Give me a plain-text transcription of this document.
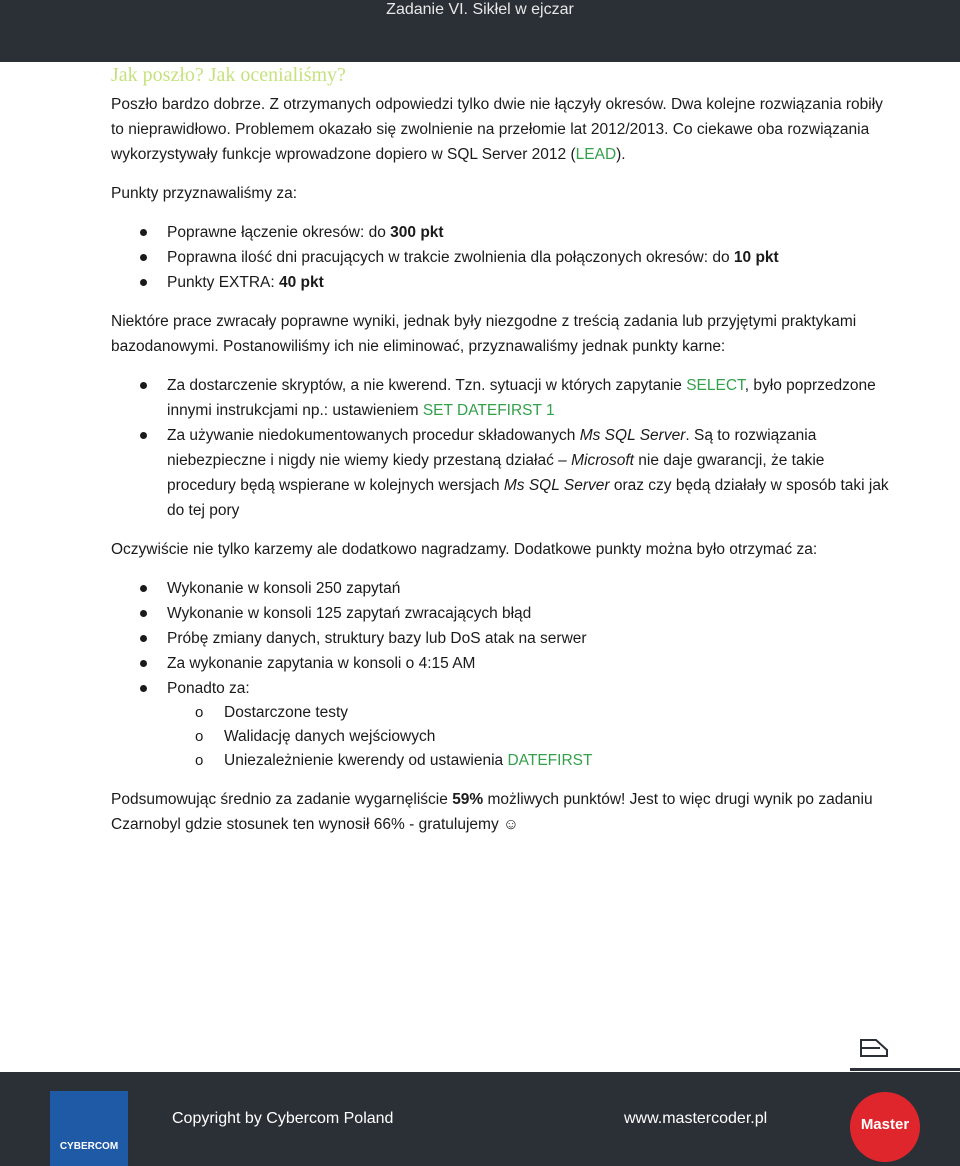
Zadanie VI. Sikłel w ejczar
Jak poszło? Jak ocenialiśmy?

Poszło bardzo dobrze. Z otrzymanych odpowiedzi tylko dwie nie łączyły okresów. Dwa kolejne rozwiązania robiły to nieprawidłowo. Problemem okazało się zwolnienie na przełomie lat 2012/2013. Co ciekawe oba rozwiązania wykorzystywały funkcje wprowadzone dopiero w SQL Server 2012 (LEAD).

Punkty przyznawaliśmy za:

Poprawne łączenie okresów: do 300 pkt
Poprawna ilość dni pracujących w trakcie zwolnienia dla połączonych okresów: do 10 pkt
Punkty EXTRA: 40 pkt

Niektóre prace zwracały poprawne wyniki, jednak były niezgodne z treścią zadania lub przyjętymi praktykami bazodanowymi. Postanowiliśmy ich nie eliminować, przyznawaliśmy jednak punkty karne:

Za dostarczenie skryptów, a nie kwerend. Tzn. sytuacji w których zapytanie SELECT, było poprzedzone innymi instrukcjami np.: ustawieniem SET DATEFIRST 1
Za używanie niedokumentowanych procedur składowanych Ms SQL Server. Są to rozwiązania niebezpieczne i nigdy nie wiemy kiedy przestaną działać – Microsoft nie daje gwarancji, że takie procedury będą wspierane w kolejnych wersjach Ms SQL Server oraz czy będą działały w sposób taki jak do tej pory

Oczywiście nie tylko karzemy ale dodatkowo nagradzamy. Dodatkowe punkty można było otrzymać za:

Wykonanie w konsoli 250 zapytań
Wykonanie w konsoli 125 zapytań zwracających błąd
Próbę zmiany danych, struktury bazy lub DoS atak na serwer
Za wykonanie zapytania w konsoli o 4:15 AM
Ponadto za:
o Dostarczone testy
o Walidację danych wejściowych
o Uniezależnienie kwerendy od ustawienia DATEFIRST

Podsumowując średnio za zadanie wygarnęliście 59% możliwych punktów! Jest to więc drugi wynik po zadaniu Czarnobyl gdzie stosunek ten wynosił 66% - gratulujemy ☺

CYBERCOM
Copyright by Cybercom Poland	www.mastercoder.pl	Master
